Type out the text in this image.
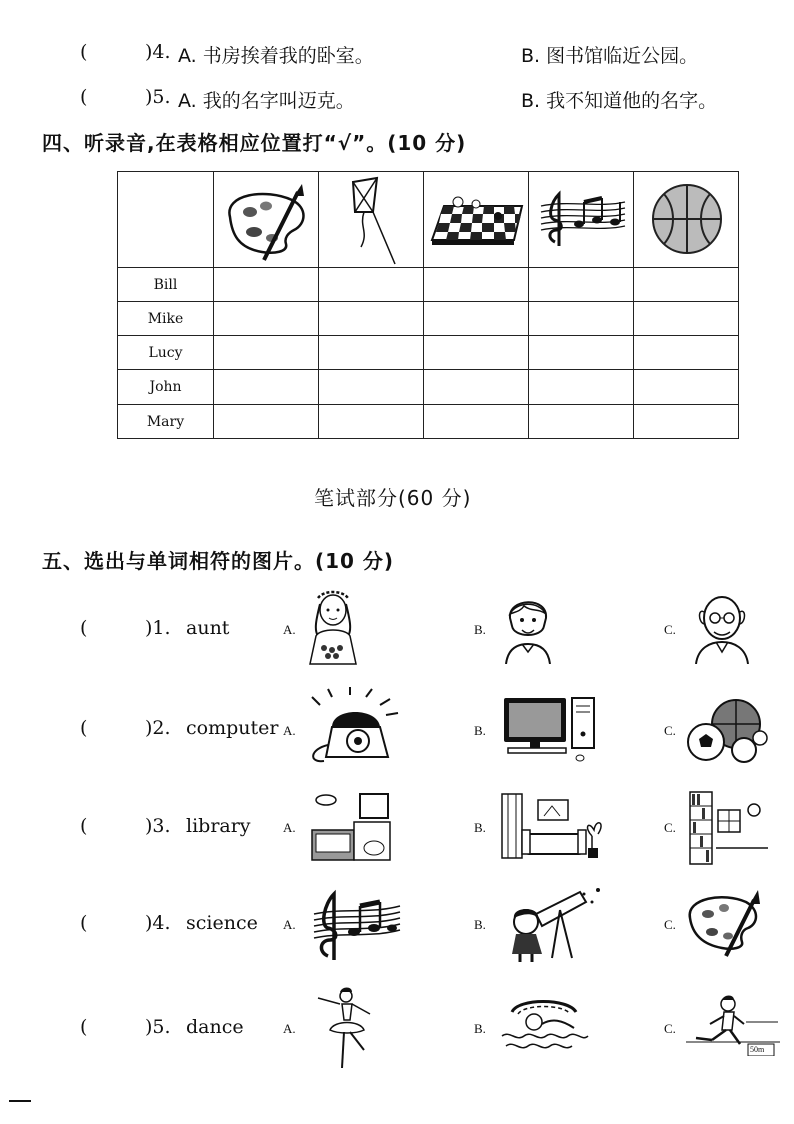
(	)4. A. 书房挨着我的卧室。	B. 图书馆临近公园。
(	)5. A. 我的名字叫迈克。	B. 我不知道他的名字。
四、听录音,在表格相应位置打“√”。(10 分)

Bill					
Mike					
Lucy					
John					
Mary					
笔试部分(60 分)
五、选出与单词相符的图片。(10 分)
(	)1. aunt	A.	B.	C.
(	)2. computer A.	B.	C.
(	)3. library A.	B.	C.
(	)4. science A.	B.	C.
(	)5. dance	A.	B.	C.
50m
